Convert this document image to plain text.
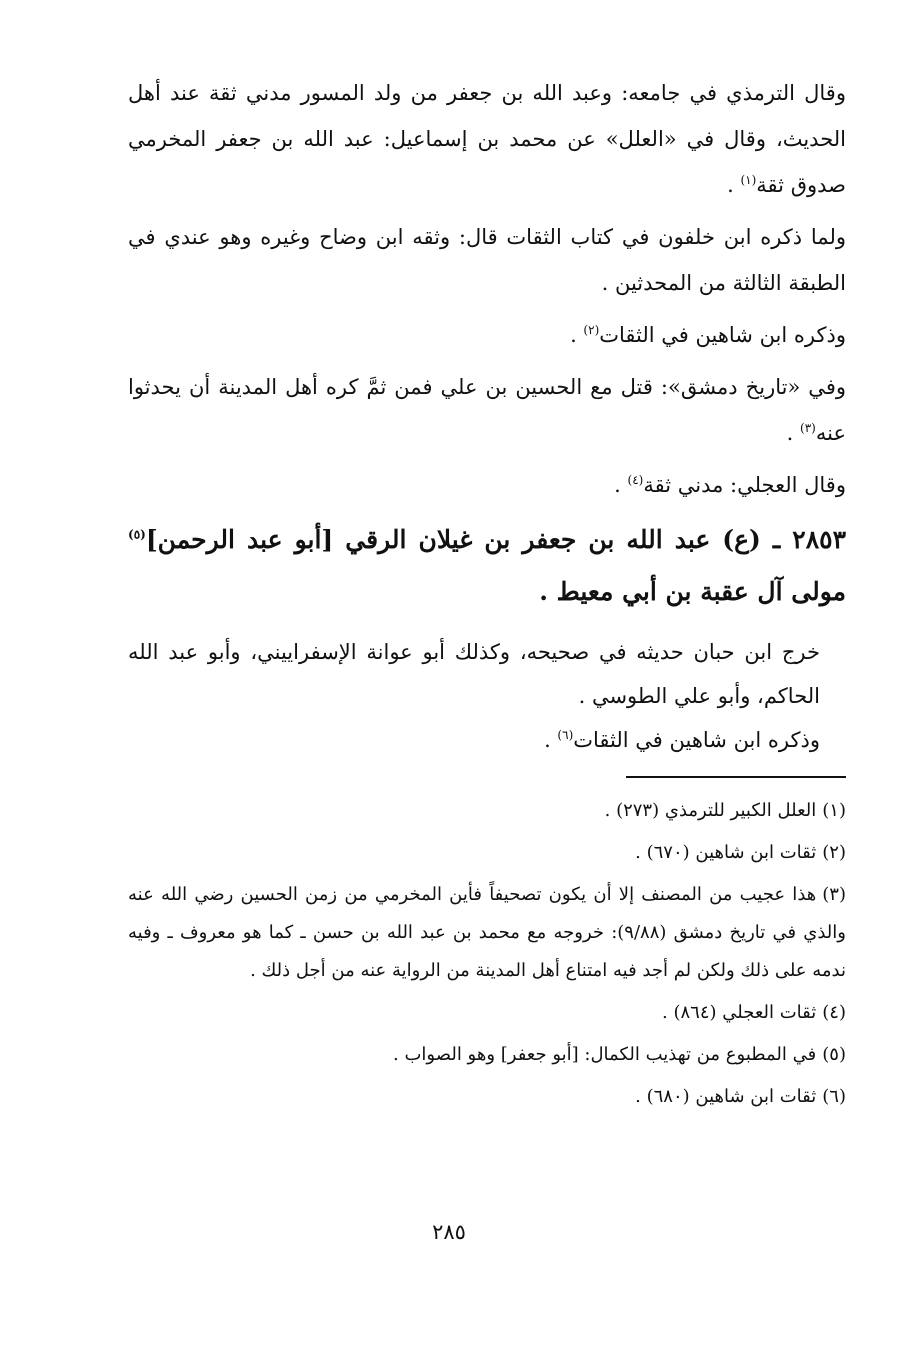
وقال الترمذي في جامعه: وعبد الله بن جعفر من ولد المسور مدني ثقة عند أهل الحديث، وقال في «العلل» عن محمد بن إسماعيل: عبد الله بن جعفر المخرمي صدوق ثقة$^{(١)}$ .

ولما ذكره ابن خلفون في كتاب الثقات قال: وثقه ابن وضاح وغيره وهو عندي في الطبقة الثالثة من المحدثين .

وذكره ابن شاهين في الثقات$^{(٢)}$ .

وفي «تاريخ دمشق»: قتل مع الحسين بن علي فمن ثمَّ كره أهل المدينة أن يحدثوا عنه$^{(٣)}$ .

وقال العجلي: مدني ثقة$^{(٤)}$ .

٢٨٥٣ ـ (ع) عبد الله بن جعفر بن غيلان الرقي [أبو عبد الرحمن]$^{(٥)}$ مولى آل عقبة بن أبي معيط .

خرج ابن حبان حديثه في صحيحه، وكذلك أبو عوانة الإسفراييني، وأبو عبد الله الحاكم، وأبو علي الطوسي .

وذكره ابن شاهين في الثقات$^{(٦)}$ .

(١)العلل الكبير للترمذي (٢٧٣) .

(٢)ثقات ابن شاهين (٦٧٠) .

(٣)هذا عجيب من المصنف إلا أن يكون تصحيفاً فأين المخرمي من زمن الحسين رضي الله عنه والذي في تاريخ دمشق (٩/٨٨): خروجه مع محمد بن عبد الله بن حسن ـ كما هو معروف ـ وفيه ندمه على ذلك ولكن لم أجد فيه امتناع أهل المدينة من الرواية عنه من أجل ذلك .

(٤)ثقات العجلي (٨٦٤) .

(٥)في المطبوع من تهذيب الكمال: [أبو جعفر] وهو الصواب .

(٦)ثقات ابن شاهين (٦٨٠) .

٢٨٥
